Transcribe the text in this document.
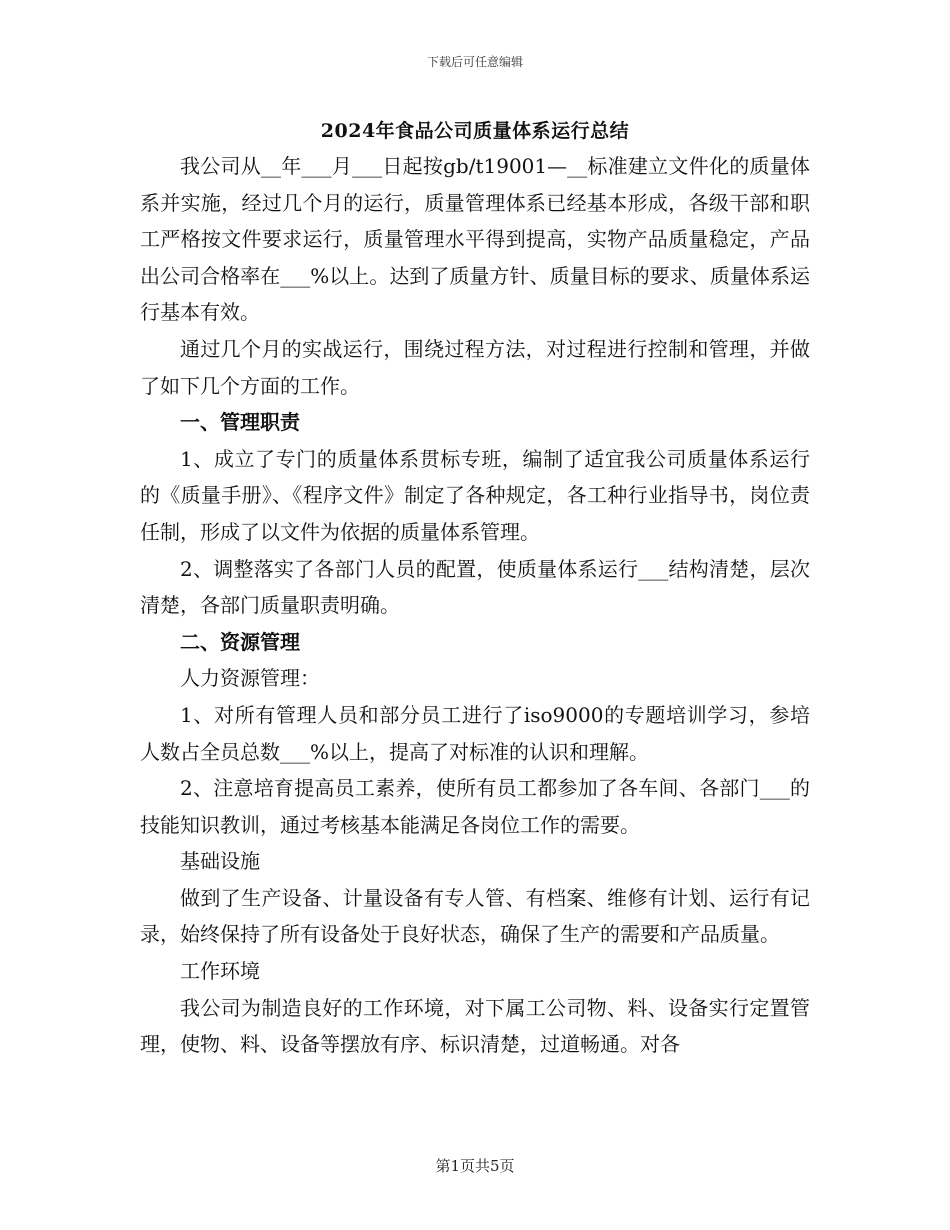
下载后可任意编辑
2024年食品公司质量体系运行总结

我公司从__年___月___日起按gb/t19001—__标准建立文件化的质量体系并实施，经过几个月的运行，质量管理体系已经基本形成，各级干部和职工严格按文件要求运行，质量管理水平得到提高，实物产品质量稳定，产品出公司合格率在___%以上。达到了质量方针、质量目标的要求、质量体系运行基本有效。

通过几个月的实战运行，围绕过程方法，对过程进行控制和管理，并做了如下几个方面的工作。

一、管理职责

1、成立了专门的质量体系贯标专班，编制了适宜我公司质量体系运行的《质量手册》、《程序文件》制定了各种规定，各工种行业指导书，岗位责任制，形成了以文件为依据的质量体系管理。

2、调整落实了各部门人员的配置，使质量体系运行___结构清楚，层次清楚，各部门质量职责明确。

二、资源管理

人力资源管理：

1、对所有管理人员和部分员工进行了iso9000的专题培训学习，参培人数占全员总数___%以上，提高了对标准的认识和理解。

2、注意培育提高员工素养，使所有员工都参加了各车间、各部门___的技能知识教训，通过考核基本能满足各岗位工作的需要。

基础设施

做到了生产设备、计量设备有专人管、有档案、维修有计划、运行有记录，始终保持了所有设备处于良好状态，确保了生产的需要和产品质量。

工作环境

我公司为制造良好的工作环境，对下属工公司物、料、设备实行定置管理，使物、料、设备等摆放有序、标识清楚，过道畅通。对各

第1页共5页
